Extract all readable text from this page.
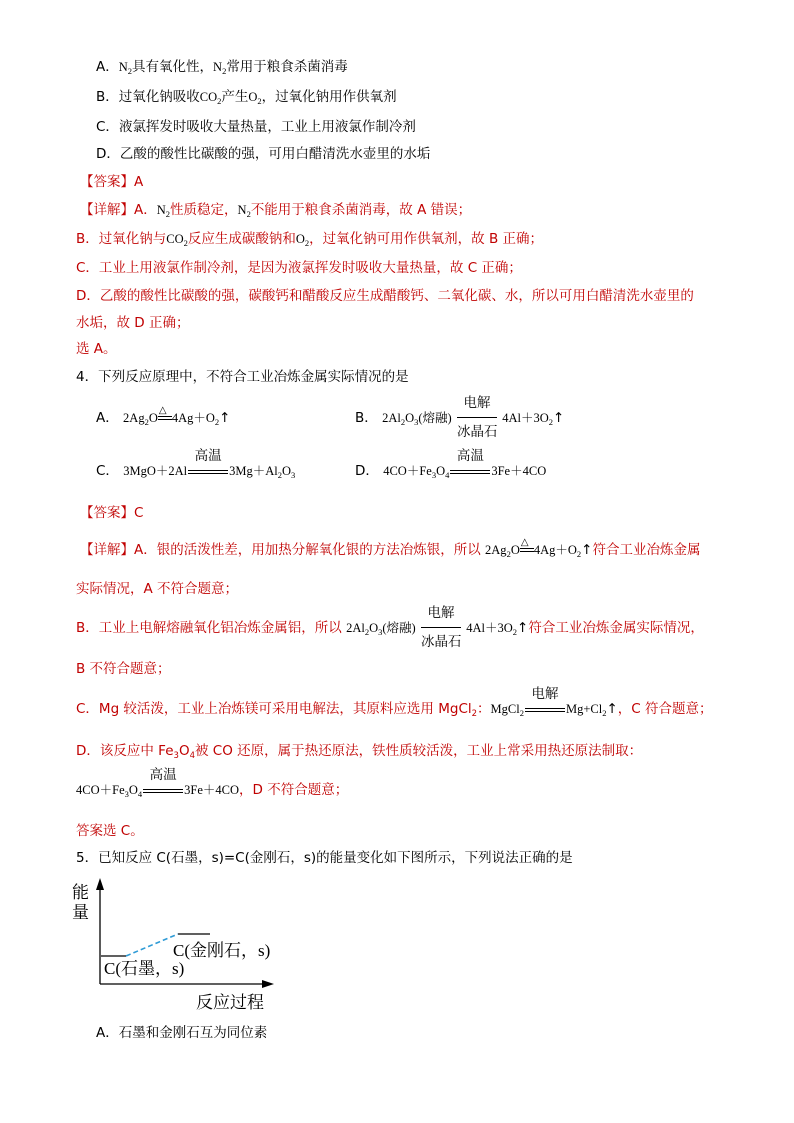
A．$N_2$具有氧化性，$N_2$常用于粮食杀菌消毒
B．过氧化钠吸收$CO_2$产生$O_2$，过氧化钠用作供氧剂
C．液氯挥发时吸收大量热量，工业上用液氯作制冷剂
D．乙酸的酸性比碳酸的强，可用白醋清洗水壶里的水垢
【答案】A
【详解】A．$N_2$性质稳定，$N_2$不能用于粮食杀菌消毒，故 A 错误；
B．过氧化钠与$CO_2$反应生成碳酸钠和$O_2$，过氧化钠可用作供氧剂，故 B 正确；
C．工业上用液氯作制冷剂，是因为液氯挥发时吸收大量热量，故 C 正确；
D．乙酸的酸性比碳酸的强，碳酸钙和醋酸反应生成醋酸钙、二氧化碳、水，所以可用白醋清洗水壶里的
水垢，故 D 正确；
选 A。
4．下列反应原理中，不符合工业冶炼金属实际情况的是
A． $2Ag_2O$
△
$4Ag+O_2↑$	B． $2Al_2O_3$(熔融)
电解
冰晶石
$4Al+3O_2↑$
C． 3MgO＋2Al
高温
$3Mg+Al_2O_3$	D． $4CO+Fe_3O_4$
高温
3Fe＋4CO
【答案】C
【详解】A．银的活泼性差，用加热分解氧化银的方法冶炼银，所以 $2Ag_2O$
△
$4Ag+O_2↑$符合工业冶炼金属
实际情况，A 不符合题意；
B．工业上电解熔融氧化铝冶炼金属铝，所以 $2Al_2O_3$(熔融)
电解
冰晶石
$4Al+3O_2↑$符合工业冶炼金属实际情况，
B 不符合题意；
C．Mg 较活泼，工业上冶炼镁可采用电解法，其原料应选用 MgCl$_2$：MgCl$_2$
电解
$Mg+Cl_2↑$，C 符合题意；
D．该反应中 $Fe_3O_4$被 CO 还原，属于热还原法，铁性质较活泼，工业上常采用热还原法制取：
$4CO+Fe_3O_4$
高温
3Fe＋4CO，D 不符合题意；
答案选 C。
5．已知反应 C(石墨，s)=C(金刚石，s)的能量变化如下图所示，下列说法正确的是
能
量
C(石墨，s)
C(金刚石，s)
反应过程
A．石墨和金刚石互为同位素
